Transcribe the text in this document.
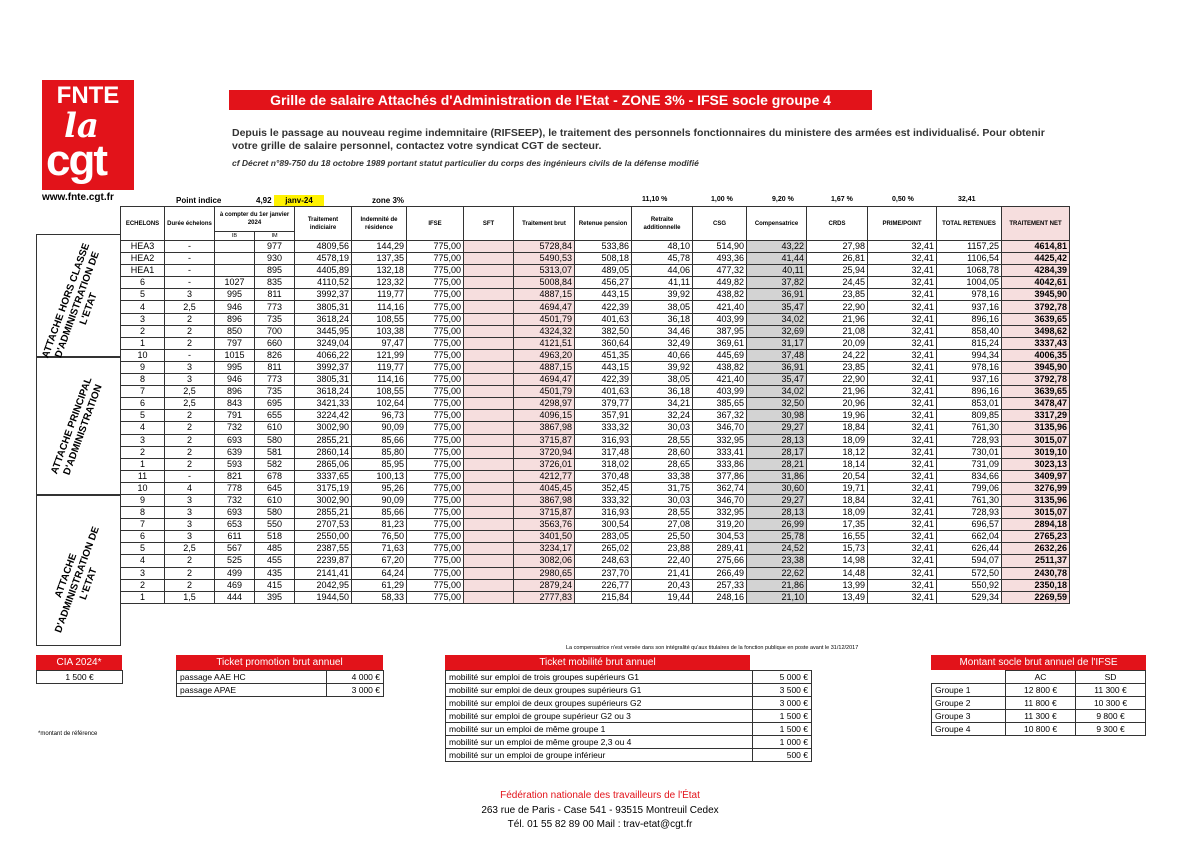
FNTE
la
cgt
www.fnte.cgt.fr
Grille de salaire Attachés d'Administration de l'Etat - ZONE 3% - IFSE socle groupe 4
Depuis le passage au nouveau regime indemnitaire (RIFSEEP), le traitement des personnels fonctionnaires du ministere des armées est individualisé. Pour obtenir votre grille de salaire personnel, contactez votre syndicat CGT de secteur.
cf Décret n°89-750 du 18 octobre 1989 portant statut particulier du corps des ingénieurs civils de la défense modifié
Point indice	4,92	janv-24	zone 3%	11,10 %	1,00 %	9,20 %	1,67 %	0,50 %	32,41
ATTACHE HORS CLASSE D'ADMINISTRATION DE L'ETAT
ATTACHE PRINCIPAL D'ADMINISTRATION
ATTACHE D'ADMINISTRATION DE L'ETAT
ECHELONS	Durée échelons	à compter du 1er janvier 2024		Traitement indiciaire	Indemnité de résidence	IFSE	SFT	Traitement brut	Retenue pension	Retraite additionnelle	CSG	Compensatrice	CRDS	PRIME/POINT	TOTAL RETENUES	TRAITEMENT NET
		IB	IM													
HEA3	-		977	4809,56	144,29	775,00		5728,84	533,86	48,10	514,90	43,22	27,98	32,41	1157,25	4614,81
HEA2	-		930	4578,19	137,35	775,00		5490,53	508,18	45,78	493,36	41,44	26,81	32,41	1106,54	4425,42
HEA1	-		895	4405,89	132,18	775,00		5313,07	489,05	44,06	477,32	40,11	25,94	32,41	1068,78	4284,39
6	-	1027	835	4110,52	123,32	775,00		5008,84	456,27	41,11	449,82	37,82	24,45	32,41	1004,05	4042,61
5	3	995	811	3992,37	119,77	775,00		4887,15	443,15	39,92	438,82	36,91	23,85	32,41	978,16	3945,90
4	2,5	946	773	3805,31	114,16	775,00		4694,47	422,39	38,05	421,40	35,47	22,90	32,41	937,16	3792,78
3	2	896	735	3618,24	108,55	775,00		4501,79	401,63	36,18	403,99	34,02	21,96	32,41	896,16	3639,65
2	2	850	700	3445,95	103,38	775,00		4324,32	382,50	34,46	387,95	32,69	21,08	32,41	858,40	3498,62
1	2	797	660	3249,04	97,47	775,00		4121,51	360,64	32,49	369,61	31,17	20,09	32,41	815,24	3337,43
10	-	1015	826	4066,22	121,99	775,00		4963,20	451,35	40,66	445,69	37,48	24,22	32,41	994,34	4006,35
9	3	995	811	3992,37	119,77	775,00		4887,15	443,15	39,92	438,82	36,91	23,85	32,41	978,16	3945,90
8	3	946	773	3805,31	114,16	775,00		4694,47	422,39	38,05	421,40	35,47	22,90	32,41	937,16	3792,78
7	2,5	896	735	3618,24	108,55	775,00		4501,79	401,63	36,18	403,99	34,02	21,96	32,41	896,16	3639,65
6	2,5	843	695	3421,33	102,64	775,00		4298,97	379,77	34,21	385,65	32,50	20,96	32,41	853,01	3478,47
5	2	791	655	3224,42	96,73	775,00		4096,15	357,91	32,24	367,32	30,98	19,96	32,41	809,85	3317,29
4	2	732	610	3002,90	90,09	775,00		3867,98	333,32	30,03	346,70	29,27	18,84	32,41	761,30	3135,96
3	2	693	580	2855,21	85,66	775,00		3715,87	316,93	28,55	332,95	28,13	18,09	32,41	728,93	3015,07
2	2	639	581	2860,14	85,80	775,00		3720,94	317,48	28,60	333,41	28,17	18,12	32,41	730,01	3019,10
1	2	593	582	2865,06	85,95	775,00		3726,01	318,02	28,65	333,86	28,21	18,14	32,41	731,09	3023,13
11	-	821	678	3337,65	100,13	775,00		4212,77	370,48	33,38	377,86	31,86	20,54	32,41	834,66	3409,97
10	4	778	645	3175,19	95,26	775,00		4045,45	352,45	31,75	362,74	30,60	19,71	32,41	799,06	3276,99
9	3	732	610	3002,90	90,09	775,00		3867,98	333,32	30,03	346,70	29,27	18,84	32,41	761,30	3135,96
8	3	693	580	2855,21	85,66	775,00		3715,87	316,93	28,55	332,95	28,13	18,09	32,41	728,93	3015,07
7	3	653	550	2707,53	81,23	775,00		3563,76	300,54	27,08	319,20	26,99	17,35	32,41	696,57	2894,18
6	3	611	518	2550,00	76,50	775,00		3401,50	283,05	25,50	304,53	25,78	16,55	32,41	662,04	2765,23
5	2,5	567	485	2387,55	71,63	775,00		3234,17	265,02	23,88	289,41	24,52	15,73	32,41	626,44	2632,26
4	2	525	455	2239,87	67,20	775,00		3082,06	248,63	22,40	275,66	23,38	14,98	32,41	594,07	2511,37
3	2	499	435	2141,41	64,24	775,00		2980,65	237,70	21,41	266,49	22,62	14,48	32,41	572,50	2430,78
2	2	469	415	2042,95	61,29	775,00		2879,24	226,77	20,43	257,33	21,86	13,99	32,41	550,92	2350,18
1	1,5	444	395	1944,50	58,33	775,00		2777,83	215,84	19,44	248,16	21,10	13,49	32,41	529,34	2269,59
La compensatrice n'est versée dans son intégralité qu'aux titulaires de la fonction publique en poste avant le 31/12/2017
CIA 2024*
1 500 €
*montant de référence
Ticket promotion brut annuel
passage AAE HC	4 000 €
passage APAE	3 000 €
Ticket mobilité brut annuel
mobilité sur emploi de trois groupes supérieurs G1	5 000 €
mobilité sur emploi de deux groupes supérieurs G1	3 500 €
mobilité sur emploi de deux groupes supérieurs G2	3 000 €
mobilité sur emploi de groupe supérieur G2 ou 3	1 500 €
mobilité sur un emploi de même groupe 1	1 500 €
mobilité sur un emploi de même groupe 2,3 ou 4	1 000 €
mobilité sur un emploi de groupe inférieur	500 €
Montant socle brut annuel de l'IFSE
	AC	SD
Groupe 1	12 800 €	11 300 €
Groupe 2	11 800 €	10 300 €
Groupe 3	11 300 €	9 800 €
Groupe 4	10 800 €	9 300 €
Fédération nationale des travailleurs de l'État
263 rue de Paris - Case 541 - 93515 Montreuil Cedex
Tél. 01 55 82 89 00 Mail : trav-etat@cgt.fr
